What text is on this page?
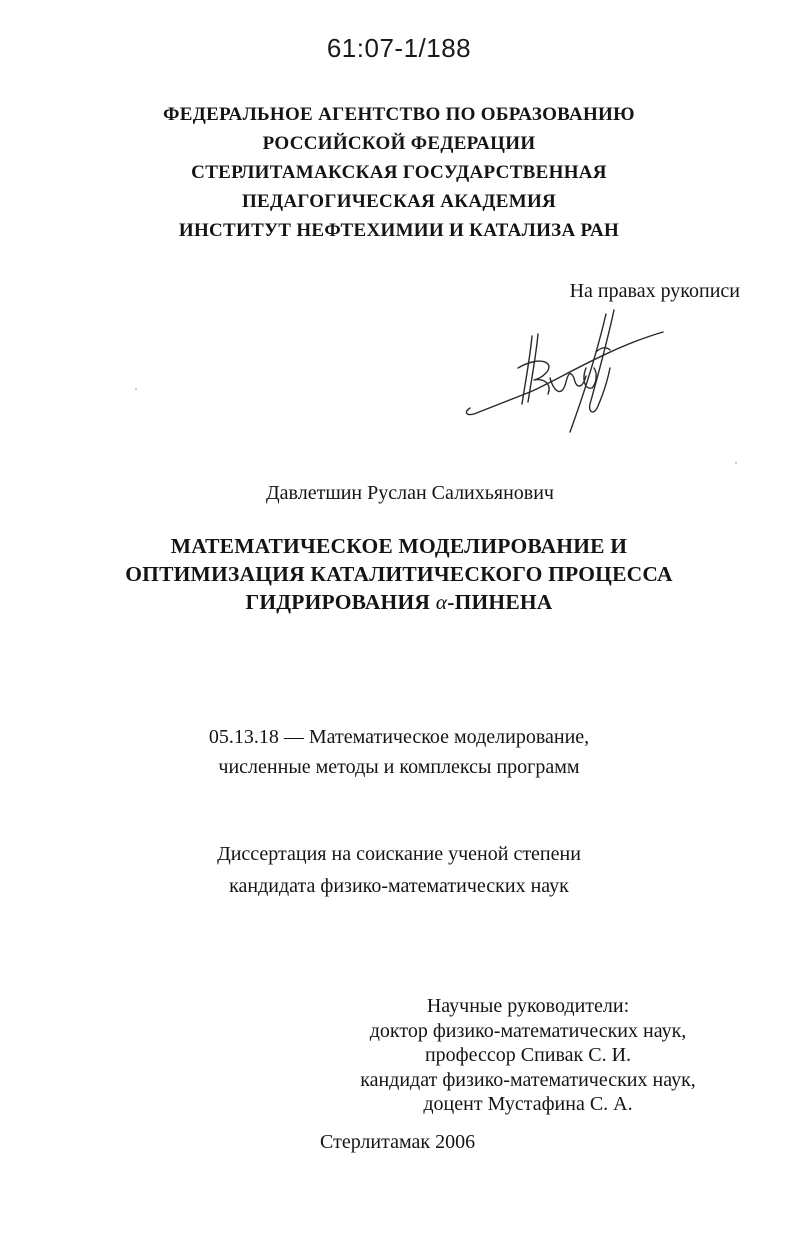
61:07-1/188
ФЕДЕРАЛЬНОЕ АГЕНТСТВО ПО ОБРАЗОВАНИЮ
РОССИЙСКОЙ ФЕДЕРАЦИИ
СТЕРЛИТАМАКСКАЯ ГОСУДАРСТВЕННАЯ
ПЕДАГОГИЧЕСКАЯ АКАДЕМИЯ
ИНСТИТУТ НЕФТЕХИМИИ И КАТАЛИЗА РАН
На правах рукописи
Давлетшин Руслан Салихьянович
МАТЕМАТИЧЕСКОЕ МОДЕЛИРОВАНИЕ И
ОПТИМИЗАЦИЯ КАТАЛИТИЧЕСКОГО ПРОЦЕССА
ГИДРИРОВАНИЯ α-ПИНЕНА
05.13.18 — Математическое моделирование,
численные методы и комплексы программ
Диссертация на соискание ученой степени
кандидата физико-математических наук
Научные руководители:
доктор физико-математических наук,
профессор Спивак С. И.
кандидат физико-математических наук,
доцент Мустафина С. А.
Стерлитамак 2006
